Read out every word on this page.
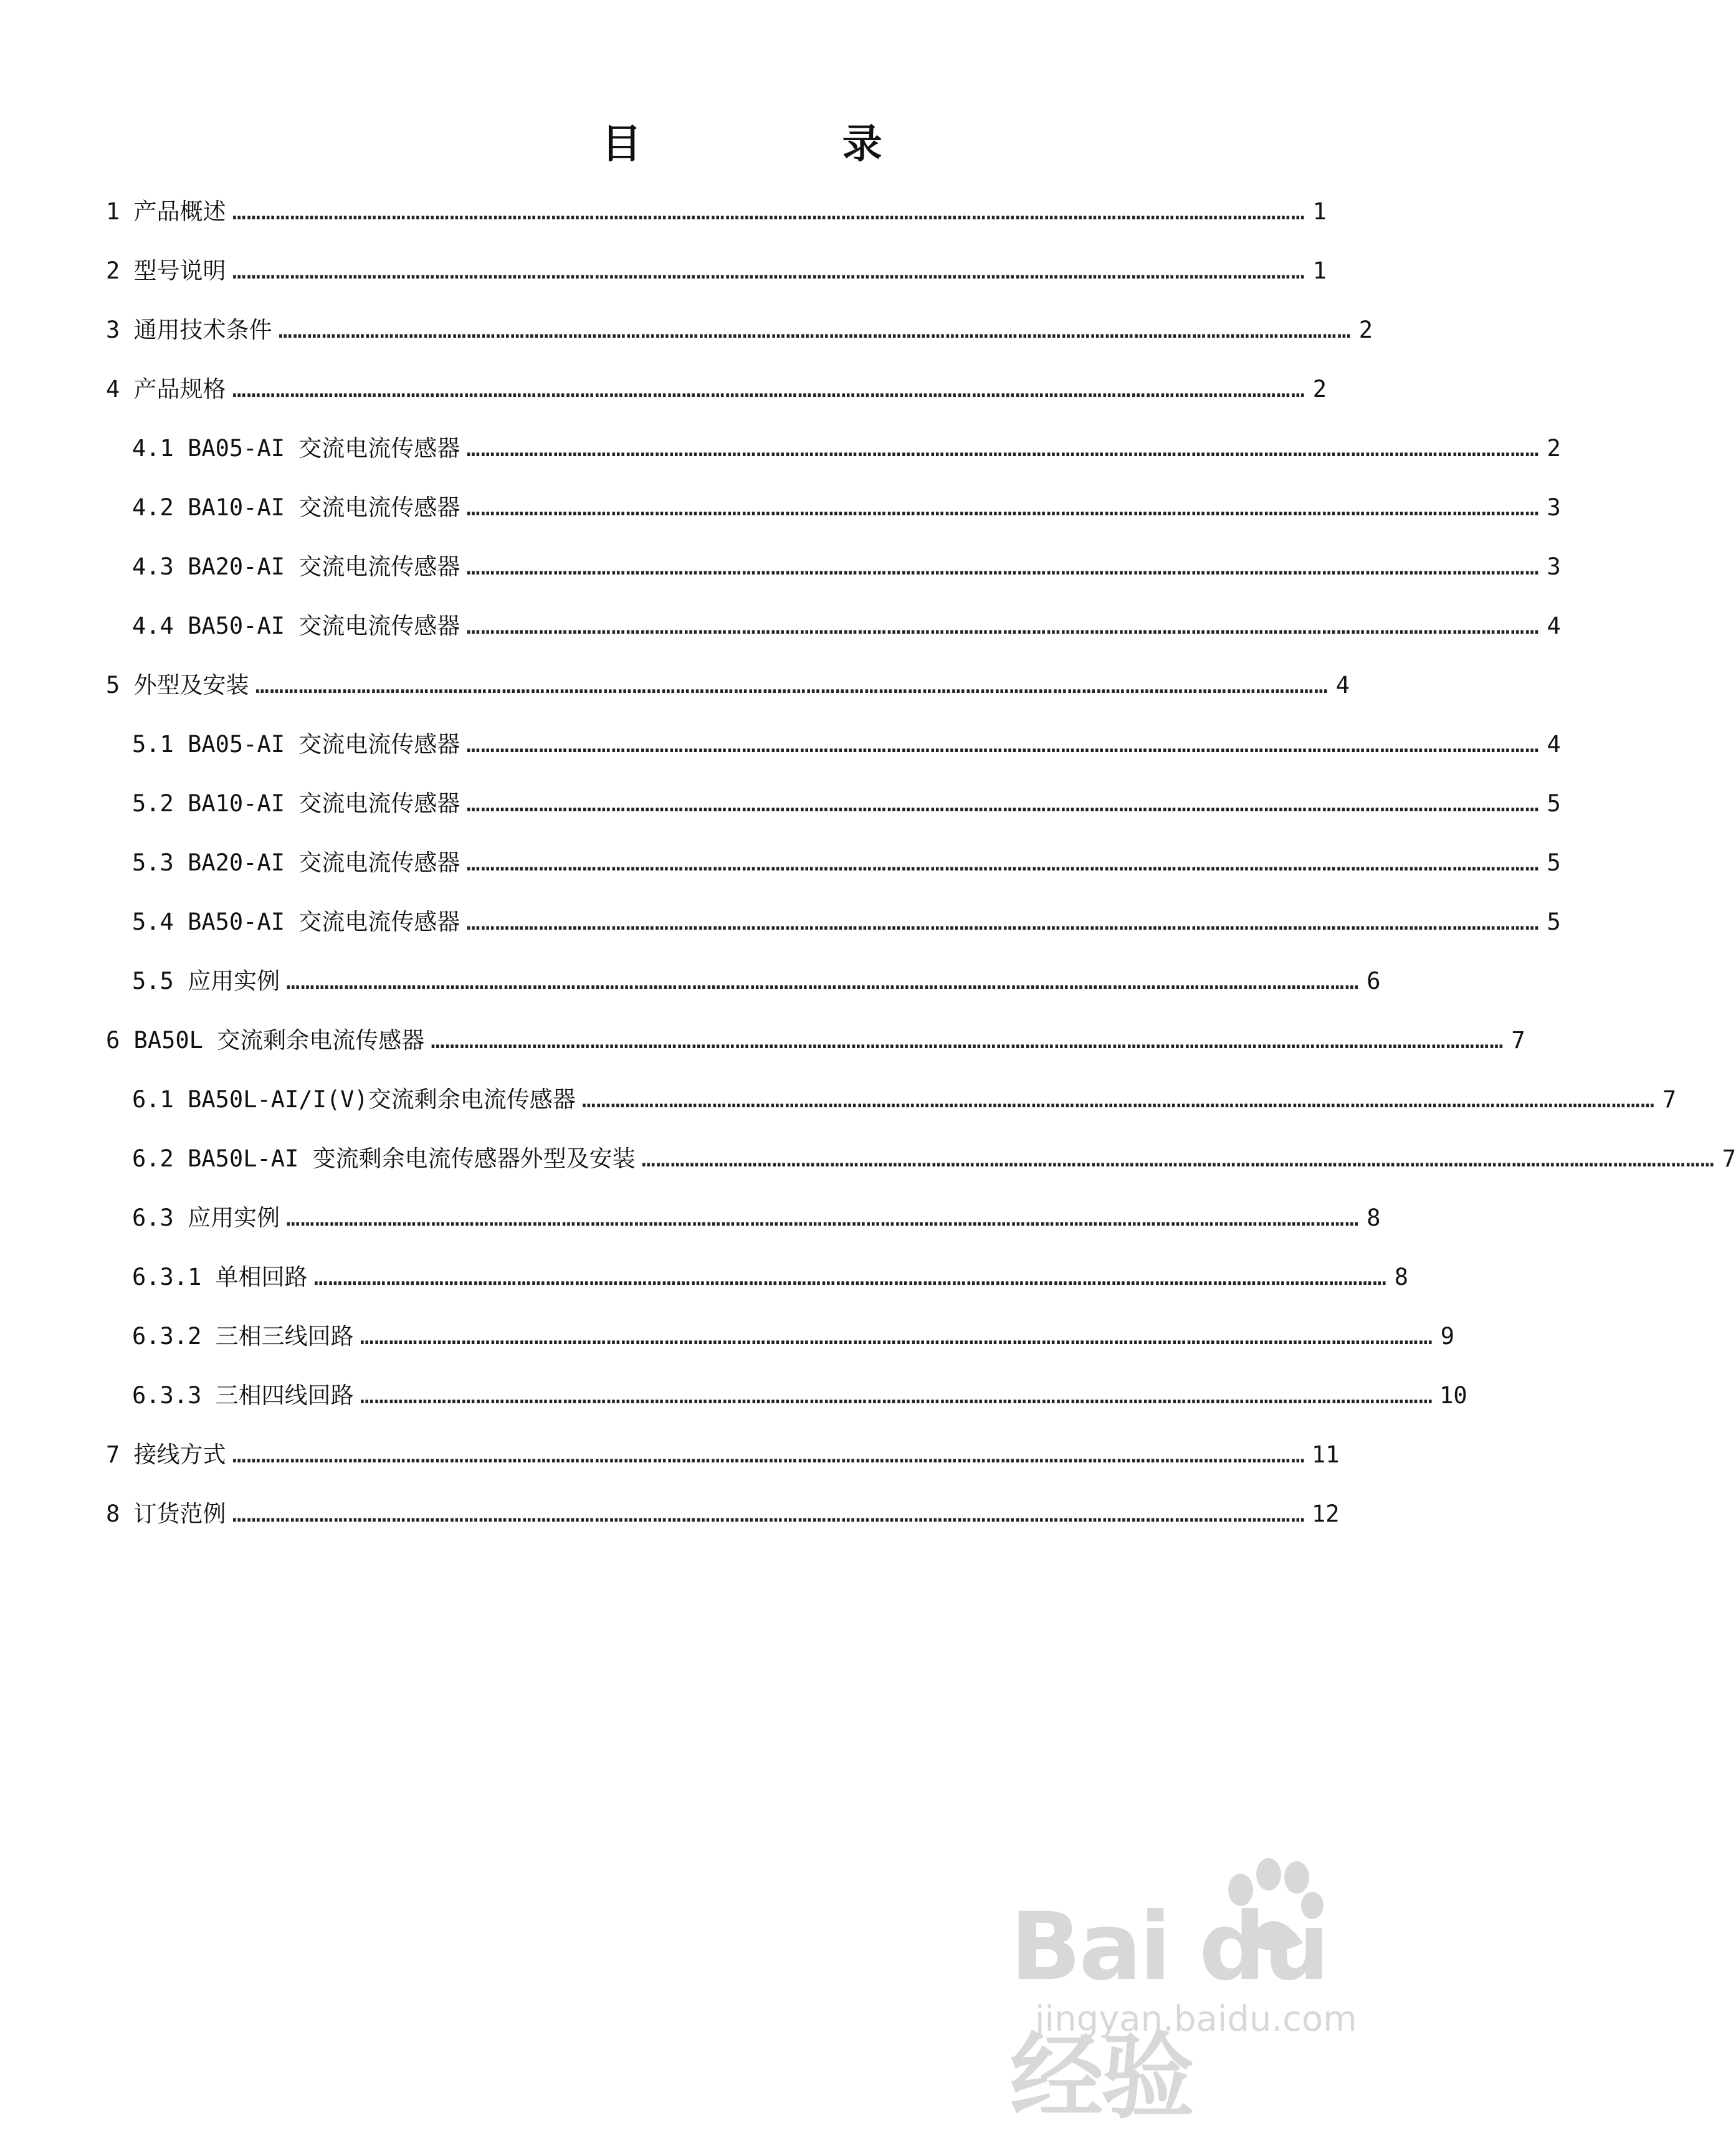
目 录
1 产品概述 …………………………………………………………………………………………………………………………………………………………………………………………………… 1
2 型号说明 …………………………………………………………………………………………………………………………………………………………………………………………………… 1
3 通用技术条件 …………………………………………………………………………………………………………………………………………………………………………………………………… 2
4 产品规格 …………………………………………………………………………………………………………………………………………………………………………………………………… 2
4.1 BA05-AI 交流电流传感器 …………………………………………………………………………………………………………………………………………………………………………………………………… 2
4.2 BA10-AI 交流电流传感器 …………………………………………………………………………………………………………………………………………………………………………………………………… 3
4.3 BA20-AI 交流电流传感器 …………………………………………………………………………………………………………………………………………………………………………………………………… 3
4.4 BA50-AI 交流电流传感器 …………………………………………………………………………………………………………………………………………………………………………………………………… 4
5 外型及安装 …………………………………………………………………………………………………………………………………………………………………………………………………… 4
5.1 BA05-AI 交流电流传感器 …………………………………………………………………………………………………………………………………………………………………………………………………… 4
5.2 BA10-AI 交流电流传感器 …………………………………………………………………………………………………………………………………………………………………………………………………… 5
5.3 BA20-AI 交流电流传感器 …………………………………………………………………………………………………………………………………………………………………………………………………… 5
5.4 BA50-AI 交流电流传感器 …………………………………………………………………………………………………………………………………………………………………………………………………… 5
5.5 应用实例 …………………………………………………………………………………………………………………………………………………………………………………………………… 6
6 BA50L 交流剩余电流传感器 …………………………………………………………………………………………………………………………………………………………………………………………………… 7
6.1 BA50L-AI/I(V)交流剩余电流传感器 …………………………………………………………………………………………………………………………………………………………………………………………………… 7
6.2 BA50L-AI 变流剩余电流传感器外型及安装 …………………………………………………………………………………………………………………………………………………………………………………………………… 7
6.3 应用实例 …………………………………………………………………………………………………………………………………………………………………………………………………… 8
6.3.1 单相回路 …………………………………………………………………………………………………………………………………………………………………………………………………… 8
6.3.2 三相三线回路 …………………………………………………………………………………………………………………………………………………………………………………………………… 9
6.3.3 三相四线回路 …………………………………………………………………………………………………………………………………………………………………………………………………… 10
7 接线方式 …………………………………………………………………………………………………………………………………………………………………………………………………… 11
8 订货范例 …………………………………………………………………………………………………………………………………………………………………………………………………… 12
Bai du 经验
jingyan.baidu.com
